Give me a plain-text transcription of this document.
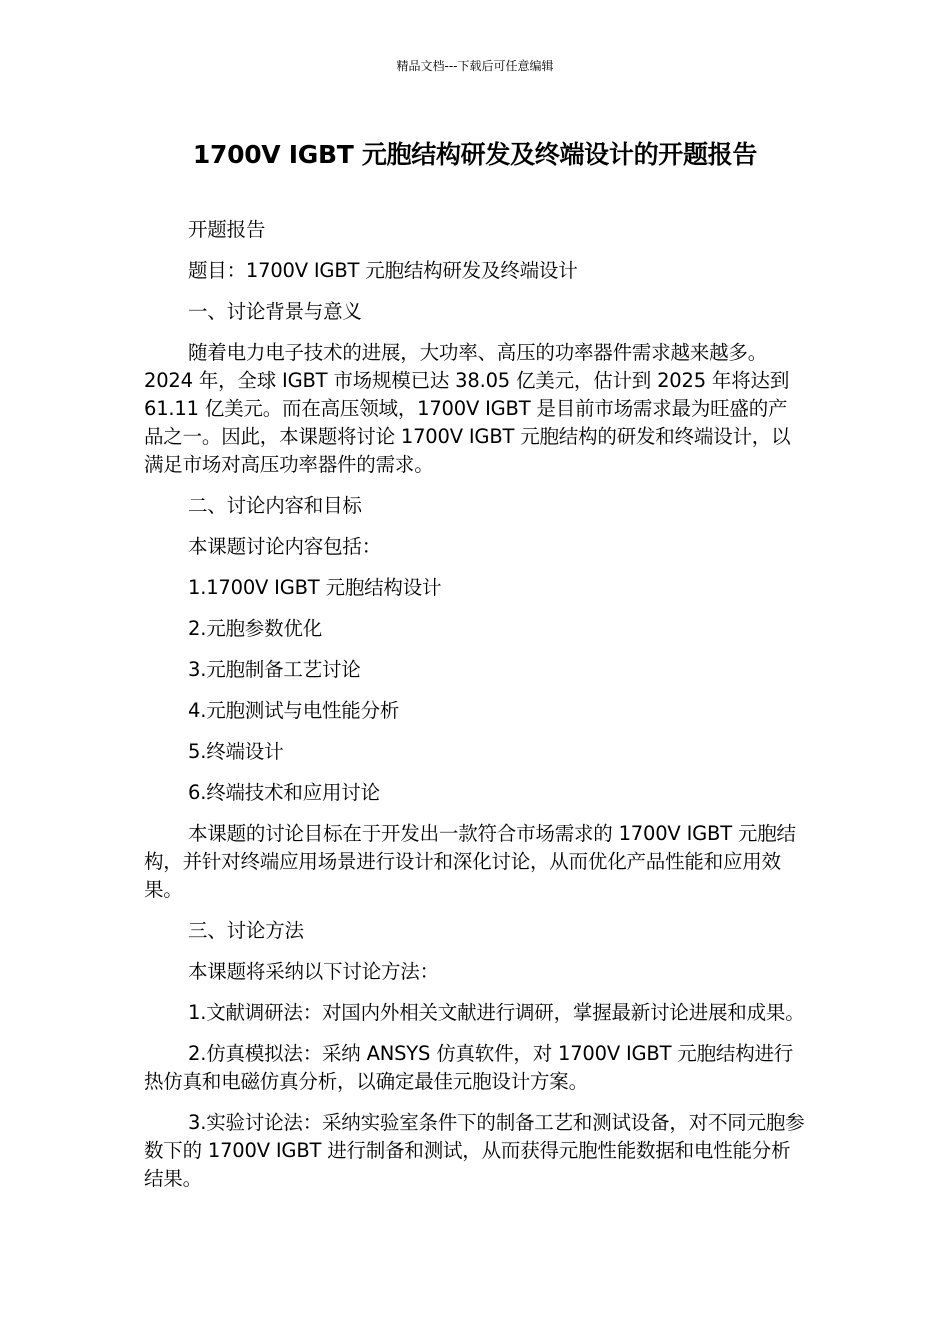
精品文档---下载后可任意编辑
1700V IGBT 元胞结构研发及终端设计的开题报告

开题报告

题目：1700V IGBT 元胞结构研发及终端设计

一、讨论背景与意义

随着电力电子技术的进展，大功率、高压的功率器件需求越来越多。2024 年，全球 IGBT 市场规模已达 38.05 亿美元，估计到 2025 年将达到 61.11 亿美元。而在高压领域，1700V IGBT 是目前市场需求最为旺盛的产品之一。因此，本课题将讨论 1700V IGBT 元胞结构的研发和终端设计，以满足市场对高压功率器件的需求。

二、讨论内容和目标

本课题讨论内容包括：

1.1700V IGBT 元胞结构设计

2.元胞参数优化

3.元胞制备工艺讨论

4.元胞测试与电性能分析

5.终端设计

6.终端技术和应用讨论

本课题的讨论目标在于开发出一款符合市场需求的 1700V IGBT 元胞结构，并针对终端应用场景进行设计和深化讨论，从而优化产品性能和应用效果。

三、讨论方法

本课题将采纳以下讨论方法：

1.文献调研法：对国内外相关文献进行调研，掌握最新讨论进展和成果。

2.仿真模拟法：采纳 ANSYS 仿真软件，对 1700V IGBT 元胞结构进行热仿真和电磁仿真分析，以确定最佳元胞设计方案。

3.实验讨论法：采纳实验室条件下的制备工艺和测试设备，对不同元胞参数下的 1700V IGBT 进行制备和测试，从而获得元胞性能数据和电性能分析结果。
